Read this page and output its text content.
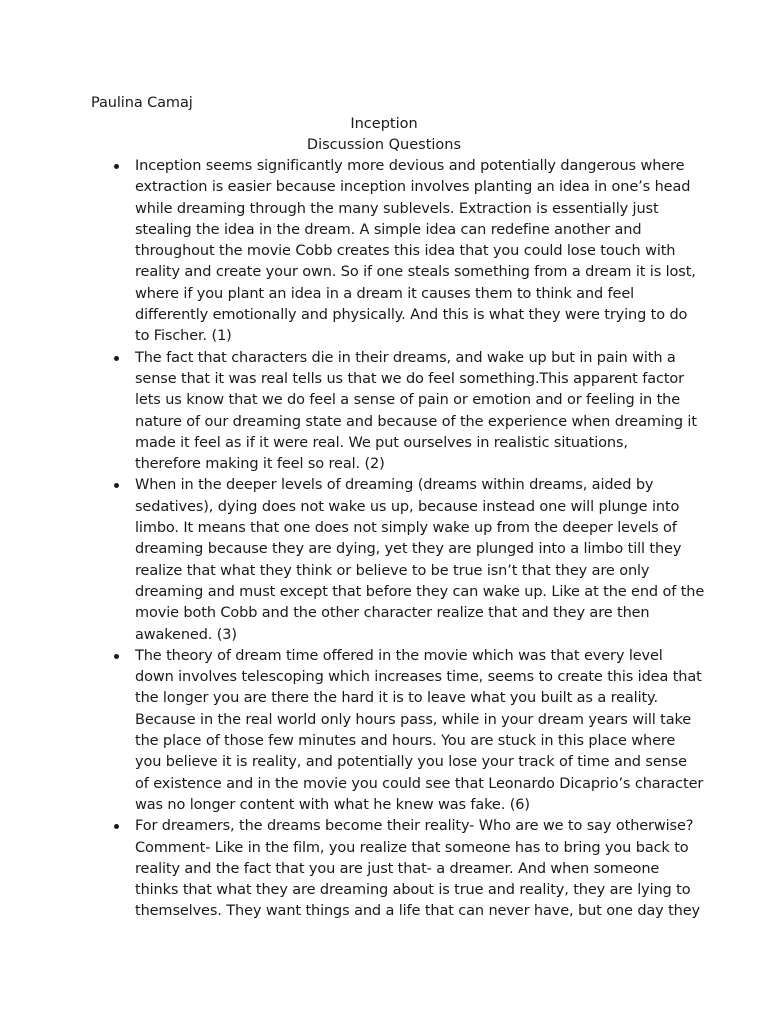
Paulina Camaj
Inception
Discussion Questions
Inception seems significantly more devious and potentially dangerous where
extraction is easier because inception involves planting an idea in one’s head
while dreaming through the many sublevels. Extraction is essentially just
stealing the idea in the dream. A simple idea can redefine another and
throughout the movie Cobb creates this idea that you could lose touch with
reality and create your own. So if one steals something from a dream it is lost,
where if you plant an idea in a dream it causes them to think and feel
differently emotionally and physically. And this is what they were trying to do
to Fischer. (1)
The fact that characters die in their dreams, and wake up but in pain with a
sense that it was real tells us that we do feel something.This apparent factor
lets us know that we do feel a sense of pain or emotion and or feeling in the
nature of our dreaming state and because of the experience when dreaming it
made it feel as if it were real. We put ourselves in realistic situations,
therefore making it feel so real. (2)
When in the deeper levels of dreaming (dreams within dreams, aided by
sedatives), dying does not wake us up, because instead one will plunge into
limbo. It means that one does not simply wake up from the deeper levels of
dreaming because they are dying, yet they are plunged into a limbo till they
realize that what they think or believe to be true isn’t that they are only
dreaming and must except that before they can wake up. Like at the end of the
movie both Cobb and the other character realize that and they are then
awakened. (3)
The theory of dream time offered in the movie which was that every level
down involves telescoping which increases time, seems to create this idea that
the longer you are there the hard it is to leave what you built as a reality.
Because in the real world only hours pass, while in your dream years will take
the place of those few minutes and hours. You are stuck in this place where
you believe it is reality, and potentially you lose your track of time and sense
of existence and in the movie you could see that Leonardo Dicaprio’s character
was no longer content with what he knew was fake. (6)
For dreamers, the dreams become their reality- Who are we to say otherwise?
Comment- Like in the film, you realize that someone has to bring you back to
reality and the fact that you are just that- a dreamer. And when someone
thinks that what they are dreaming about is true and reality, they are lying to
themselves. They want things and a life that can never have, but one day they
